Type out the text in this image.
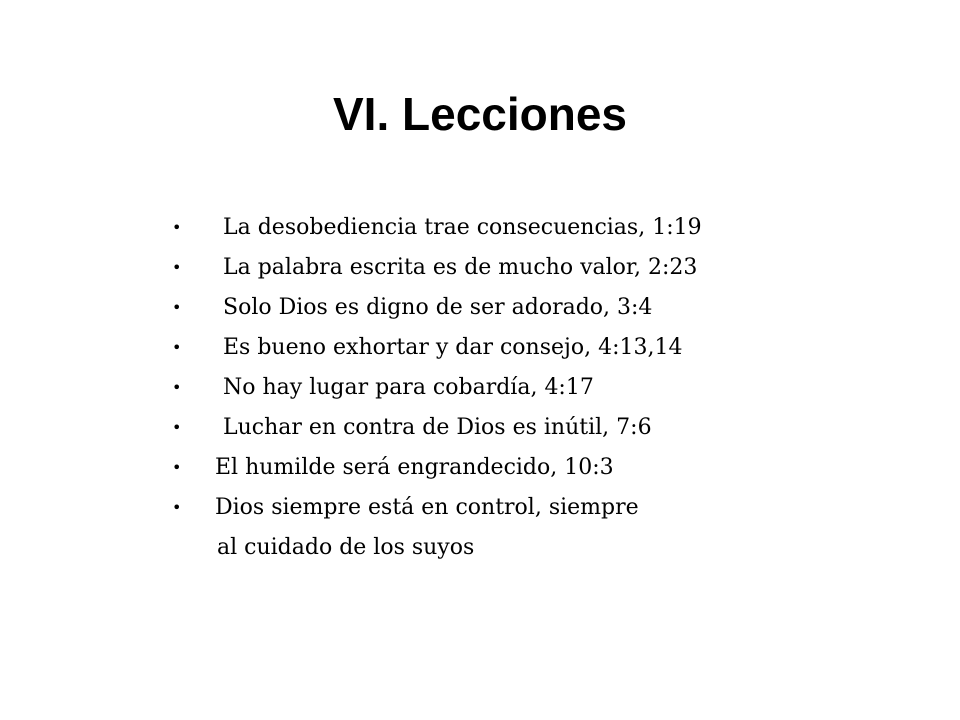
VI. Lecciones
• La desobediencia trae consecuencias, 1:19
• La palabra escrita es de mucho valor, 2:23
• Solo Dios es digno de ser adorado, 3:4
• Es bueno exhortar y dar consejo, 4:13,14
• No hay lugar para cobardía, 4:17
• Luchar en contra de Dios es inútil, 7:6
• El humilde será engrandecido, 10:3
• Dios siempre está en control, siempre
al cuidado de los suyos
